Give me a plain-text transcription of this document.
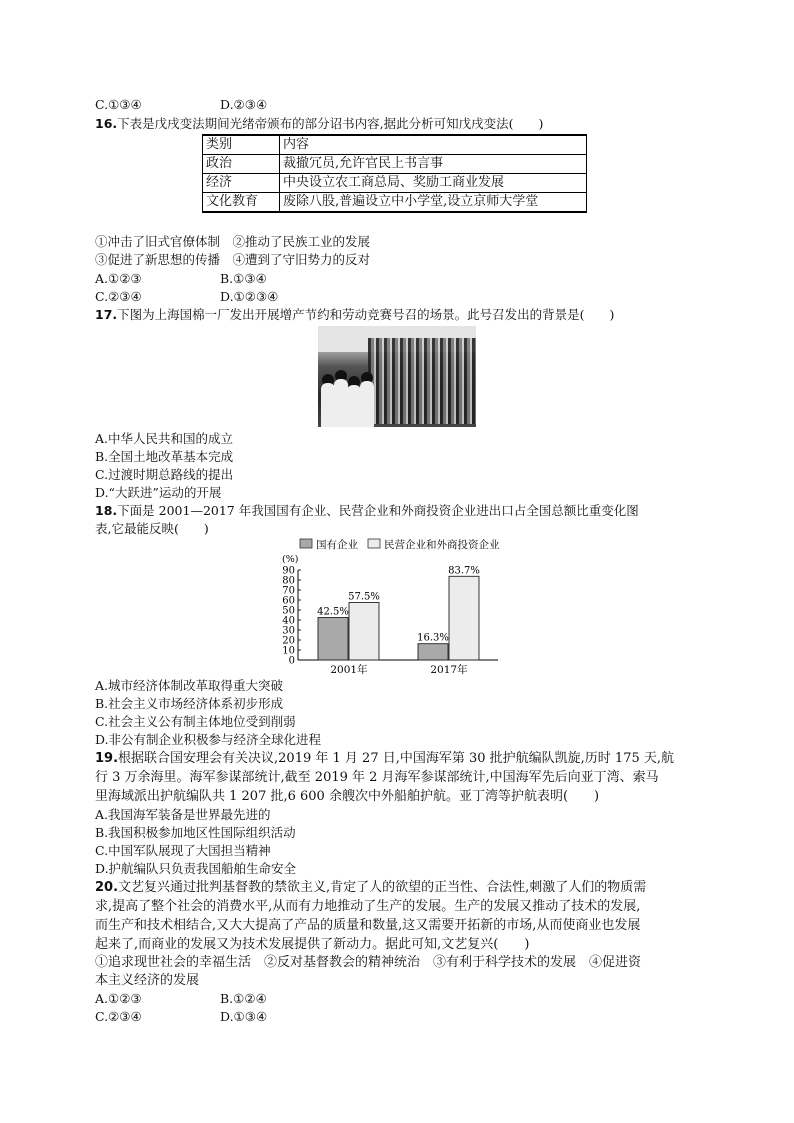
C.①③④	D.②③④
16.下表是戊戌变法期间光绪帝颁布的部分诏书内容,据此分析可知戊戌变法(　　)
类别	内容
政治	裁撤冗员,允许官民上书言事
经济	中央设立农工商总局、奖励工商业发展
文化教育	废除八股,普遍设立中小学堂,设立京师大学堂
①冲击了旧式官僚体制　②推动了民族工业的发展
③促进了新思想的传播　④遭到了守旧势力的反对
A.①②③	B.①③④
C.②③④	D.①②③④
17.下图为上海国棉一厂发出开展增产节约和劳动竞赛号召的场景。此号召发出的背景是(　　)
A.中华人民共和国的成立
B.全国土地改革基本完成
C.过渡时期总路线的提出
D.“大跃进”运动的开展
18.下面是 2001—2017 年我国国有企业、民营企业和外商投资企业进出口占全国总额比重变化图
表,它最能反映(　　)
国有企业 民营企业和外商投资企业
(%)
0
10
20
30
40
50
60
70
80
90
42.5%
57.5%
2001年
16.3%
83.7%
2017年
A.城市经济体制改革取得重大突破
B.社会主义市场经济体系初步形成
C.社会主义公有制主体地位受到削弱
D.非公有制企业积极参与经济全球化进程
19.根据联合国安理会有关决议,2019 年 1 月 27 日,中国海军第 30 批护航编队凯旋,历时 175 天,航
行 3 万余海里。海军参谋部统计,截至 2019 年 2 月海军参谋部统计,中国海军先后向亚丁湾、索马
里海域派出护航编队共 1 207 批,6 600 余艘次中外船舶护航。亚丁湾等护航表明(　　)
A.我国海军装备是世界最先进的
B.我国积极参加地区性国际组织活动
C.中国军队展现了大国担当精神
D.护航编队只负责我国船舶生命安全
20.文艺复兴通过批判基督教的禁欲主义,肯定了人的欲望的正当性、合法性,刺激了人们的物质需
求,提高了整个社会的消费水平,从而有力地推动了生产的发展。生产的发展又推动了技术的发展,
而生产和技术相结合,又大大提高了产品的质量和数量,这又需要开拓新的市场,从而使商业也发展
起来了,而商业的发展又为技术发展提供了新动力。据此可知,文艺复兴(　　)
①追求现世社会的幸福生活　②反对基督教会的精神统治　③有利于科学技术的发展　④促进资
本主义经济的发展
A.①②③	B.①②④
C.②③④	D.①③④
